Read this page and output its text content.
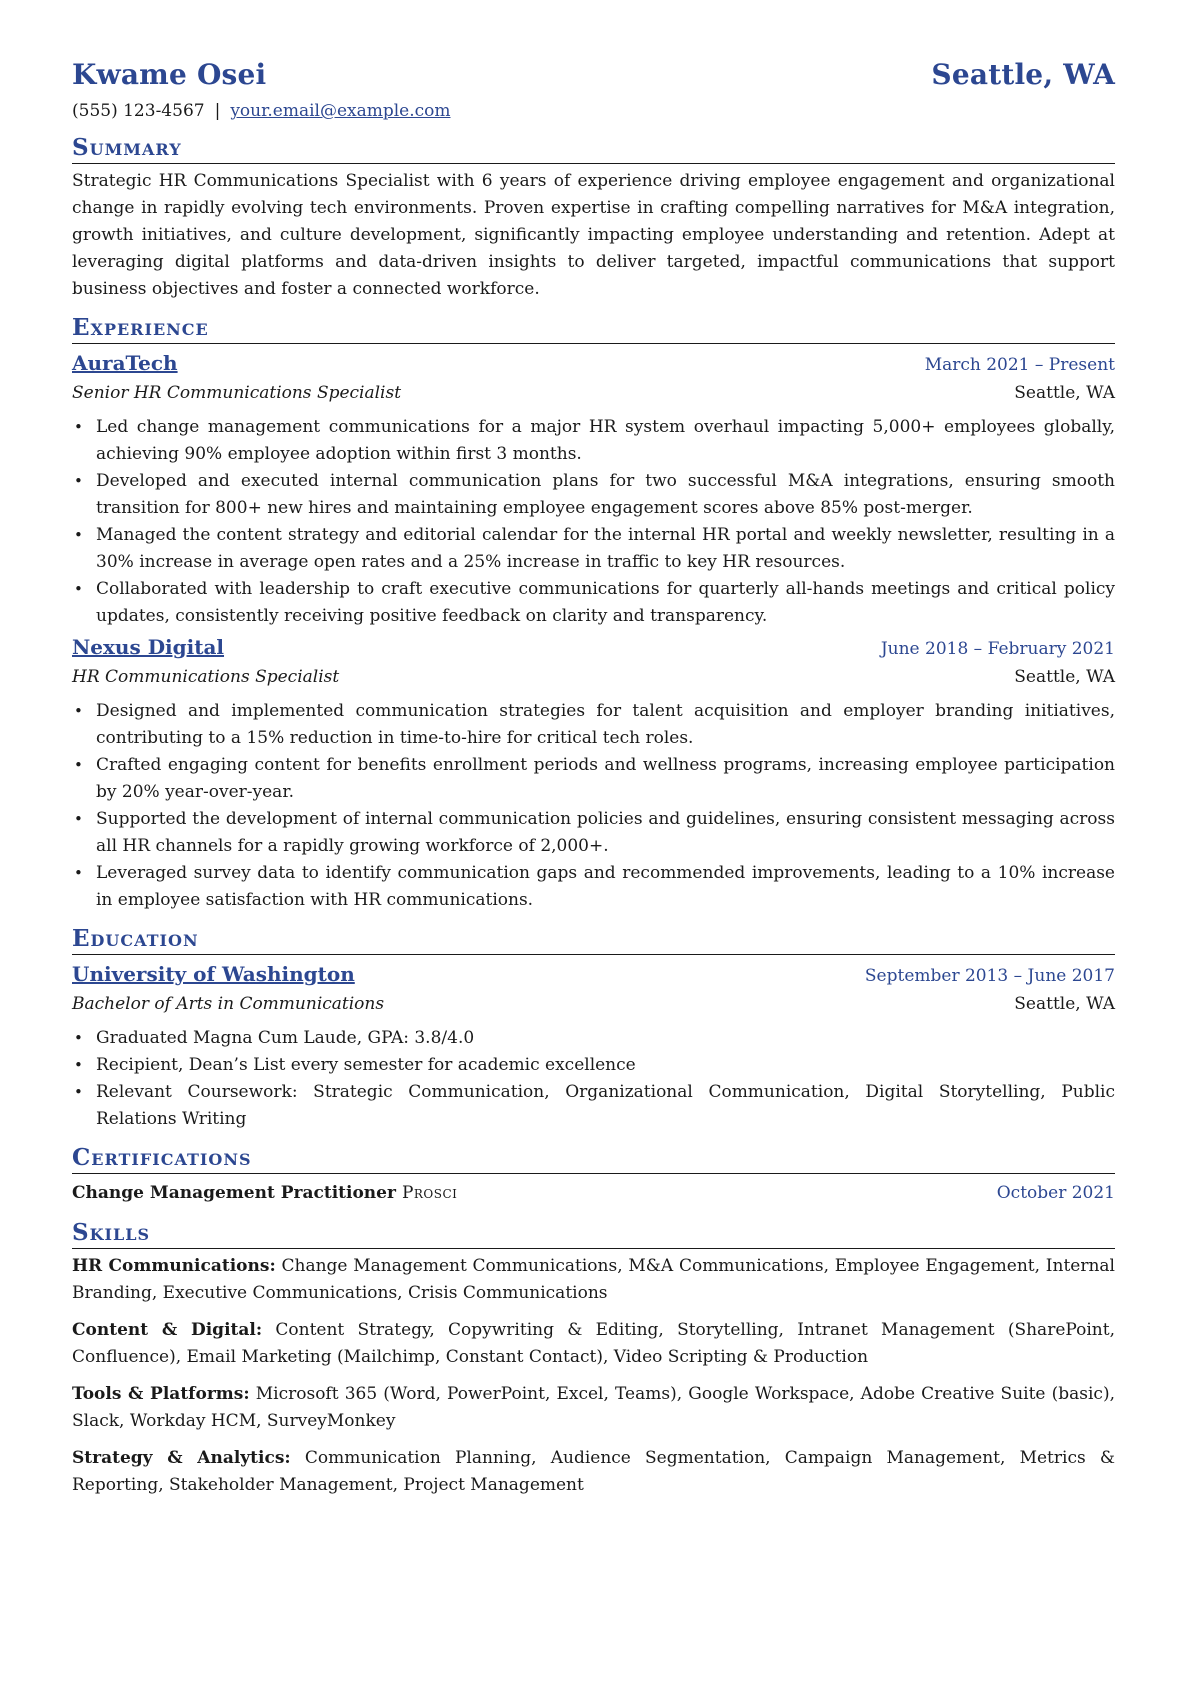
Kwame Osei	Seattle, WA
(555) 123-4567 | your.email@example.com
Summary

Strategic HR Communications Specialist with 6 years of experience driving employee engagement and organizational change in rapidly evolving tech environments. Proven expertise in crafting compelling narratives for M&A integration, growth initiatives, and culture development, significantly impacting employee understanding and retention. Adept at leveraging digital platforms and data-driven insights to deliver targeted, impactful communications that support business objectives and foster a connected workforce.

Experience
AuraTech	March 2021 – Present
Senior HR Communications Specialist	Seattle, WA
• Led change management communications for a major HR system overhaul impacting 5,000+ employees globally, achieving 90% employee adoption within first 3 months.
• Developed and executed internal communication plans for two successful M&A integrations, ensuring smooth transition for 800+ new hires and maintaining employee engagement scores above 85% post-merger.
• Managed the content strategy and editorial calendar for the internal HR portal and weekly newsletter, resulting in a 30% increase in average open rates and a 25% increase in traffic to key HR resources.
• Collaborated with leadership to craft executive communications for quarterly all-hands meetings and critical policy updates, consistently receiving positive feedback on clarity and transparency.
Nexus Digital	June 2018 – February 2021
HR Communications Specialist	Seattle, WA
• Designed and implemented communication strategies for talent acquisition and employer branding initiatives, contributing to a 15% reduction in time-to-hire for critical tech roles.
• Crafted engaging content for benefits enrollment periods and wellness programs, increasing employee participation by 20% year-over-year.
• Supported the development of internal communication policies and guidelines, ensuring consistent messaging across all HR channels for a rapidly growing workforce of 2,000+.
• Leveraged survey data to identify communication gaps and recommended improvements, leading to a 10% increase in employee satisfaction with HR communications.
Education
University of Washington	September 2013 – June 2017
Bachelor of Arts in Communications	Seattle, WA
• Graduated Magna Cum Laude, GPA: 3.8/4.0
• Recipient, Dean’s List every semester for academic excellence
• Relevant Coursework: Strategic Communication, Organizational Communication, Digital Storytelling, Public Relations Writing
Certifications
Change Management Practitioner Prosci	October 2021
Skills

HR Communications: Change Management Communications, M&A Communications, Employee Engagement, Internal Branding, Executive Communications, Crisis Communications

Content & Digital: Content Strategy, Copywriting & Editing, Storytelling, Intranet Management (SharePoint, Confluence), Email Marketing (Mailchimp, Constant Contact), Video Scripting & Production

Tools & Platforms: Microsoft 365 (Word, PowerPoint, Excel, Teams), Google Workspace, Adobe Creative Suite (basic), Slack, Workday HCM, SurveyMonkey

Strategy & Analytics: Communication Planning, Audience Segmentation, Campaign Management, Metrics & Reporting, Stakeholder Management, Project Management
